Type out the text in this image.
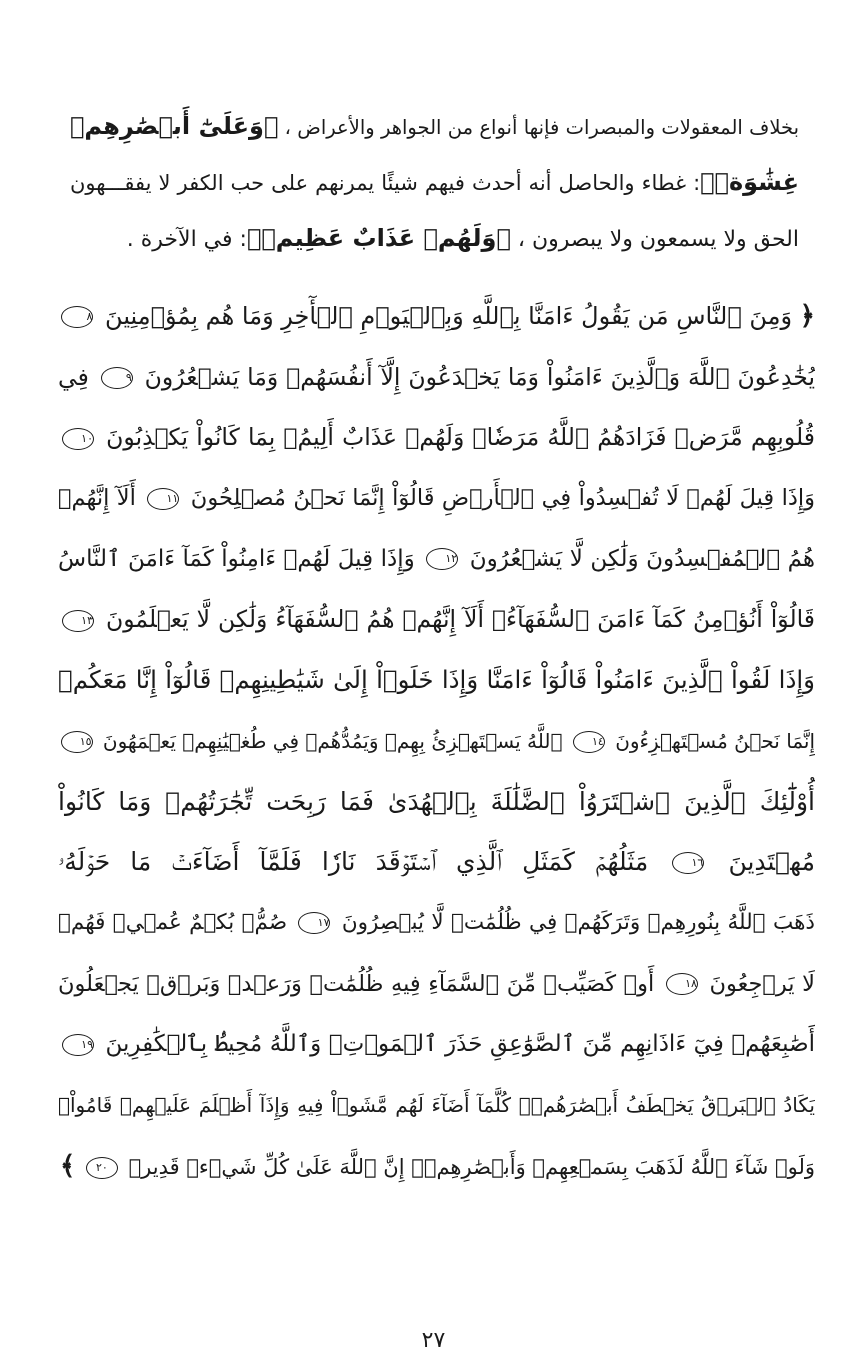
بخلاف المعقولات والمبصرات فإنها أنواع من الجواهر والأعراض ، ﴿وَعَلَىٰٓ أَبۡصَٰرِهِمۡ
غِشَٰوَةٞ﴾: غطاء والحاصل أنه أحدث فيهم شيئًا يمرنهم على حب الكفر لا يفقـــهون
الحق ولا يسمعون ولا يبصرون ، ﴿وَلَهُمۡ عَذَابٌ عَظِيمٞ﴾: في الآخرة .
﴿ وَمِنَ ٱلنَّاسِ مَن يَقُولُ ءَامَنَّا بِٱللَّهِ وَبِٱلۡيَوۡمِ ٱلۡأٓخِرِ وَمَا هُم بِمُؤۡمِنِينَ ٨
يُخَٰدِعُونَ ٱللَّهَ وَٱلَّذِينَ ءَامَنُواْ وَمَا يَخۡدَعُونَ إِلَّآ أَنفُسَهُمۡ وَمَا يَشۡعُرُونَ ٩ فِي
قُلُوبِهِم مَّرَضٞ فَزَادَهُمُ ٱللَّهُ مَرَضٗاۖ وَلَهُمۡ عَذَابٌ أَلِيمُۢ بِمَا كَانُواْ يَكۡذِبُونَ ١٠
وَإِذَا قِيلَ لَهُمۡ لَا تُفۡسِدُواْ فِي ٱلۡأَرۡضِ قَالُوٓاْ إِنَّمَا نَحۡنُ مُصۡلِحُونَ ١١ أَلَآ إِنَّهُمۡ
هُمُ ٱلۡمُفۡسِدُونَ وَلَٰكِن لَّا يَشۡعُرُونَ ١٢ وَإِذَا قِيلَ لَهُمۡ ءَامِنُواْ كَمَآ ءَامَنَ ٱلنَّاسُ
قَالُوٓاْ أَنُؤۡمِنُ كَمَآ ءَامَنَ ٱلسُّفَهَآءُۗ أَلَآ إِنَّهُمۡ هُمُ ٱلسُّفَهَآءُ وَلَٰكِن لَّا يَعۡلَمُونَ ١٣
وَإِذَا لَقُواْ ٱلَّذِينَ ءَامَنُواْ قَالُوٓاْ ءَامَنَّا وَإِذَا خَلَوۡاْ إِلَىٰ شَيَٰطِينِهِمۡ قَالُوٓاْ إِنَّا مَعَكُمۡ
إِنَّمَا نَحۡنُ مُسۡتَهۡزِءُونَ ١٤ ٱللَّهُ يَسۡتَهۡزِئُ بِهِمۡ وَيَمُدُّهُمۡ فِي طُغۡيَٰنِهِمۡ يَعۡمَهُونَ ١٥
أُوْلَٰٓئِكَ ٱلَّذِينَ ٱشۡتَرَوُاْ ٱلضَّلَٰلَةَ بِٱلۡهُدَىٰ فَمَا رَبِحَت تِّجَٰرَتُهُمۡ وَمَا كَانُواْ
مُهۡتَدِينَ ١٦ مَثَلُهُمۡ كَمَثَلِ ٱلَّذِي ٱسۡتَوۡقَدَ نَارٗا فَلَمَّآ أَضَآءَتۡ مَا حَوۡلَهُۥ
ذَهَبَ ٱللَّهُ بِنُورِهِمۡ وَتَرَكَهُمۡ فِي ظُلُمَٰتٖ لَّا يُبۡصِرُونَ ١٧ صُمُّۢ بُكۡمٌ عُمۡيٞ فَهُمۡ
لَا يَرۡجِعُونَ ١٨ أَوۡ كَصَيِّبٖ مِّنَ ٱلسَّمَآءِ فِيهِ ظُلُمَٰتٞ وَرَعۡدٞ وَبَرۡقٞ يَجۡعَلُونَ
أَصَٰبِعَهُمۡ فِيٓ ءَاذَانِهِم مِّنَ ٱلصَّوَٰعِقِ حَذَرَ ٱلۡمَوۡتِۚ وَٱللَّهُ مُحِيطُۢ بِٱلۡكَٰفِرِينَ ١٩
يَكَادُ ٱلۡبَرۡقُ يَخۡطَفُ أَبۡصَٰرَهُمۡۖ كُلَّمَآ أَضَآءَ لَهُم مَّشَوۡاْ فِيهِ وَإِذَآ أَظۡلَمَ عَلَيۡهِمۡ قَامُواْۚ
وَلَوۡ شَآءَ ٱللَّهُ لَذَهَبَ بِسَمۡعِهِمۡ وَأَبۡصَٰرِهِمۡۚ إِنَّ ٱللَّهَ عَلَىٰ كُلِّ شَيۡءٖ قَدِيرٞ ٢٠ ﴾
٢٧
